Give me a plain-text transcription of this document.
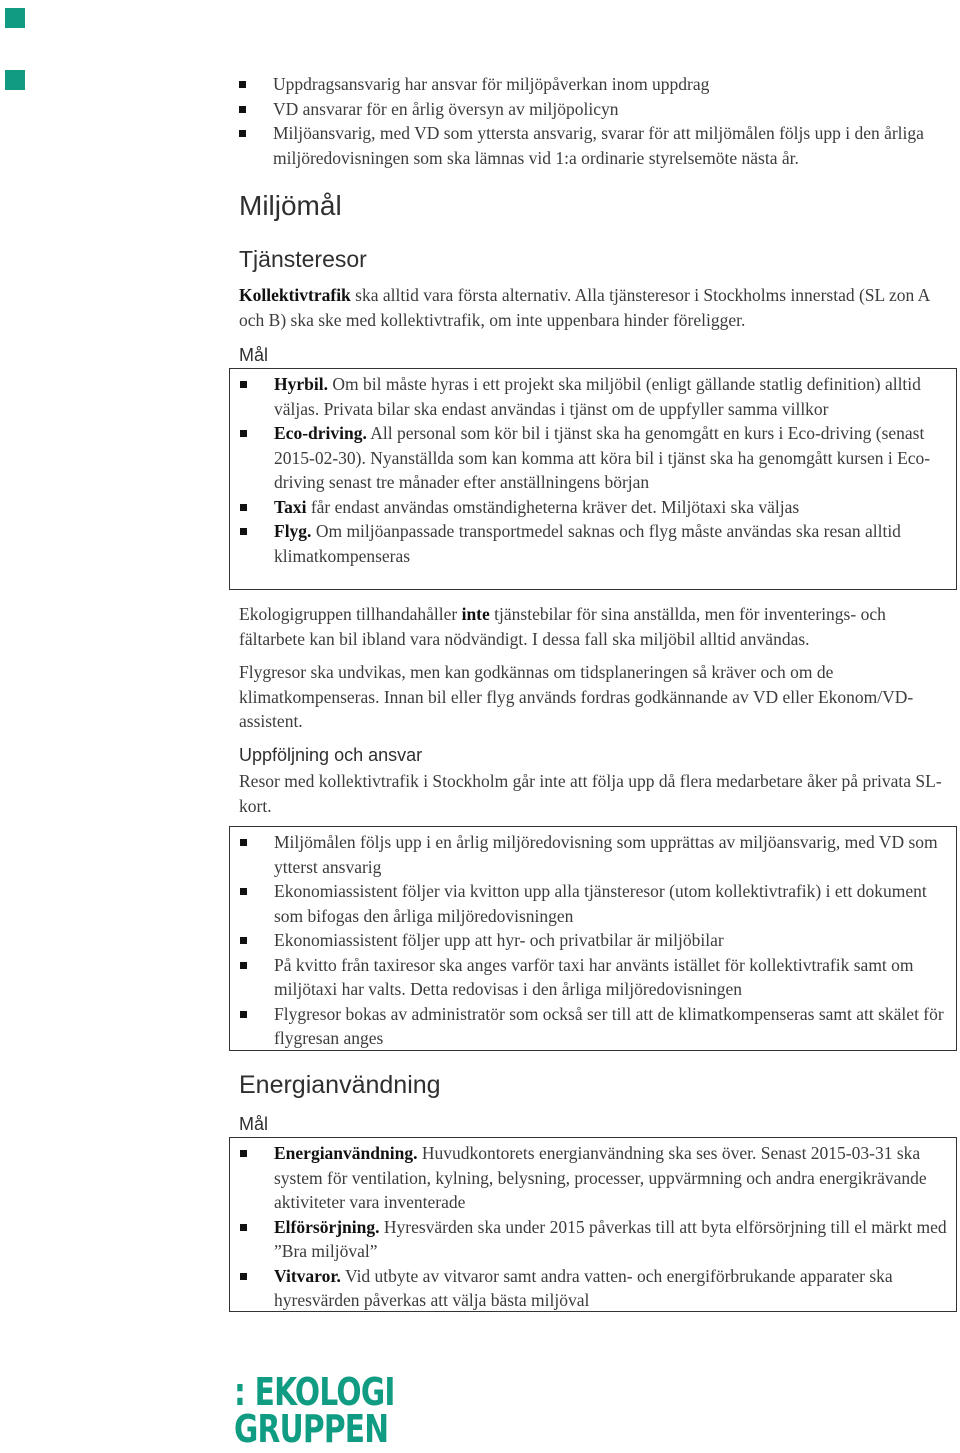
Uppdragsansvarig har ansvar för miljöpåverkan inom uppdrag
VD ansvarar för en årlig översyn av miljöpolicyn
Miljöansvarig, med VD som yttersta ansvarig, svarar för att miljömålen följs upp i den årliga miljöredovisningen som ska lämnas vid 1:a ordinarie styrelsemöte nästa år.
Miljömål
Tjänsteresor

Kollektivtrafik ska alltid vara första alternativ. Alla tjänsteresor i Stockholms innerstad (SL zon A och B) ska ske med kollektivtrafik, om inte uppenbara hinder föreligger.

Mål
Hyrbil. Om bil måste hyras i ett projekt ska miljöbil (enligt gällande statlig definition) alltid väljas. Privata bilar ska endast användas i tjänst om de uppfyller samma villkor
Eco-driving. All personal som kör bil i tjänst ska ha genomgått en kurs i Eco-driving (senast 2015-02-30). Nyanställda som kan komma att köra bil i tjänst ska ha genomgått kursen i Eco-driving senast tre månader efter anställningens början
Taxi får endast användas omständigheterna kräver det. Miljötaxi ska väljas
Flyg. Om miljöanpassade transportmedel saknas och flyg måste användas ska resan alltid klimatkompenseras

Ekologigruppen tillhandahåller inte tjänstebilar för sina anställda, men för inventerings- och fältarbete kan bil ibland vara nödvändigt. I dessa fall ska miljöbil alltid användas.

Flygresor ska undvikas, men kan godkännas om tidsplaneringen så kräver och om de klimatkompenseras. Innan bil eller flyg används fordras godkännande av VD eller Ekonom/VD-assistent.

Uppföljning och ansvar

Resor med kollektivtrafik i Stockholm går inte att följa upp då flera medarbetare åker på privata SL-kort.

Miljömålen följs upp i en årlig miljöredovisning som upprättas av miljöansvarig, med VD som ytterst ansvarig
Ekonomiassistent följer via kvitton upp alla tjänsteresor (utom kollektivtrafik) i ett dokument som bifogas den årliga miljöredovisningen
Ekonomiassistent följer upp att hyr- och privatbilar är miljöbilar
På kvitto från taxiresor ska anges varför taxi har använts istället för kollektivtrafik samt om miljötaxi har valts. Detta redovisas i den årliga miljöredovisningen
Flygresor bokas av administratör som också ser till att de klimatkompenseras samt att skälet för flygresan anges
Energianvändning
Mål
Energianvändning. Huvudkontorets energianvändning ska ses över. Senast 2015-03-31 ska system för ventilation, kylning, belysning, processer, uppvärmning och andra energikrävande aktiviteter vara inventerade
Elförsörjning. Hyresvärden ska under 2015 påverkas till att byta elförsörjning till el märkt med ”Bra miljöval”
Vitvaror. Vid utbyte av vitvaror samt andra vatten- och energiförbrukande apparater ska hyresvärden påverkas att välja bästa miljöval
: EKOLOGI
GRUPPEN
